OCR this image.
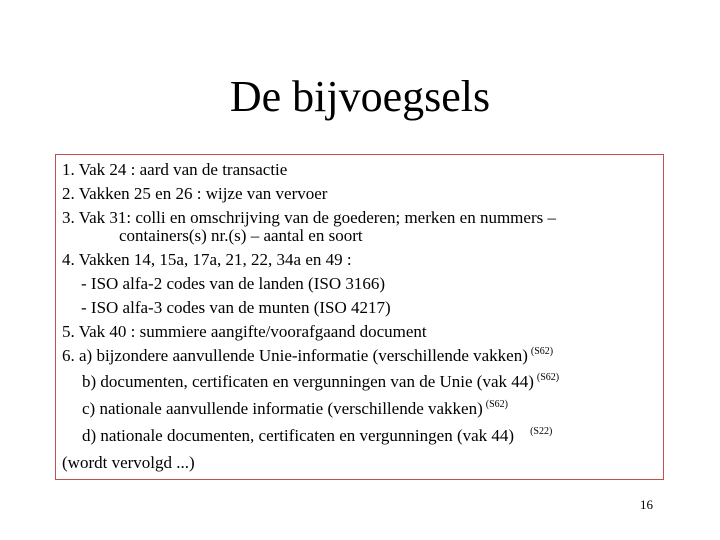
De bijvoegsels
1. Vak 24 : aard van de transactie
2. Vakken 25 en 26 : wijze van vervoer
3. Vak 31: colli en omschrijving van de goederen; merken en nummers –
containers(s) nr.(s) – aantal en soort
4. Vakken 14, 15a, 17a, 21, 22, 34a en 49 :
- ISO alfa-2 codes van de landen (ISO 3166)
- ISO alfa-3 codes van de munten (ISO 4217)
5. Vak 40 : summiere aangifte/voorafgaand document
6. a) bijzondere aanvullende Unie-informatie (verschillende vakken) $^{(S62)}$
b) documenten, certificaten en vergunningen van de Unie (vak 44) $^{(S62)}$
c) nationale aanvullende informatie (verschillende vakken) $^{(S62)}$
d) nationale documenten, certificaten en vergunningen (vak 44) $^{(S22)}$
(wordt vervolgd ...)
16
